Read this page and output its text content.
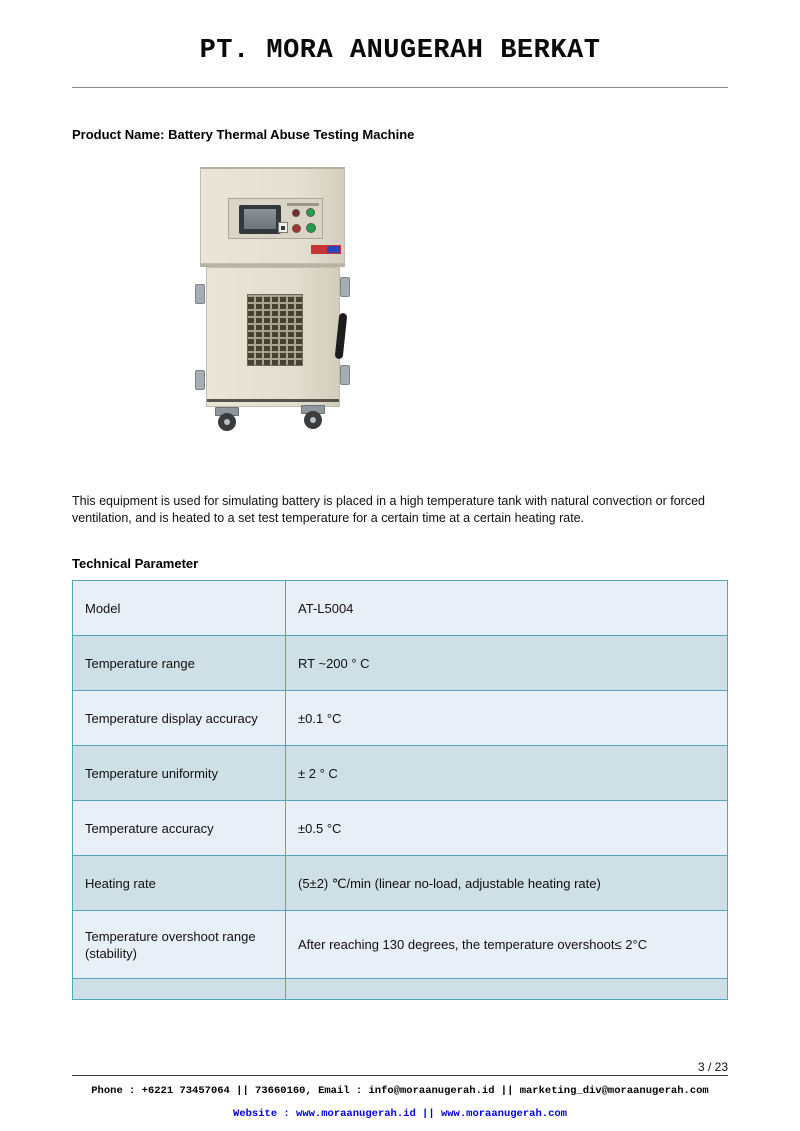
PT. MORA ANUGERAH BERKAT
Product Name: Battery Thermal Abuse Testing Machine
This equipment is used for simulating battery is placed in a high temperature tank with natural convection or forced ventilation, and is heated to a set test temperature for a certain time at a certain heating rate.
Technical Parameter
Model	AT-L5004
Temperature range	RT ~200 ° C
Temperature display accuracy	±0.1 °C
Temperature uniformity	± 2 ° C
Temperature accuracy	±0.5 °C
Heating rate	(5±2) ℃/min (linear no-load, adjustable heating rate)
Temperature overshoot range (stability)	After reaching 130 degrees, the temperature overshoot≤ 2°C

3 / 23
Phone : +6221 73457064 || 73660160, Email : info@moraanugerah.id || marketing_div@moraanugerah.com
Website : www.moraanugerah.id || www.moraanugerah.com
